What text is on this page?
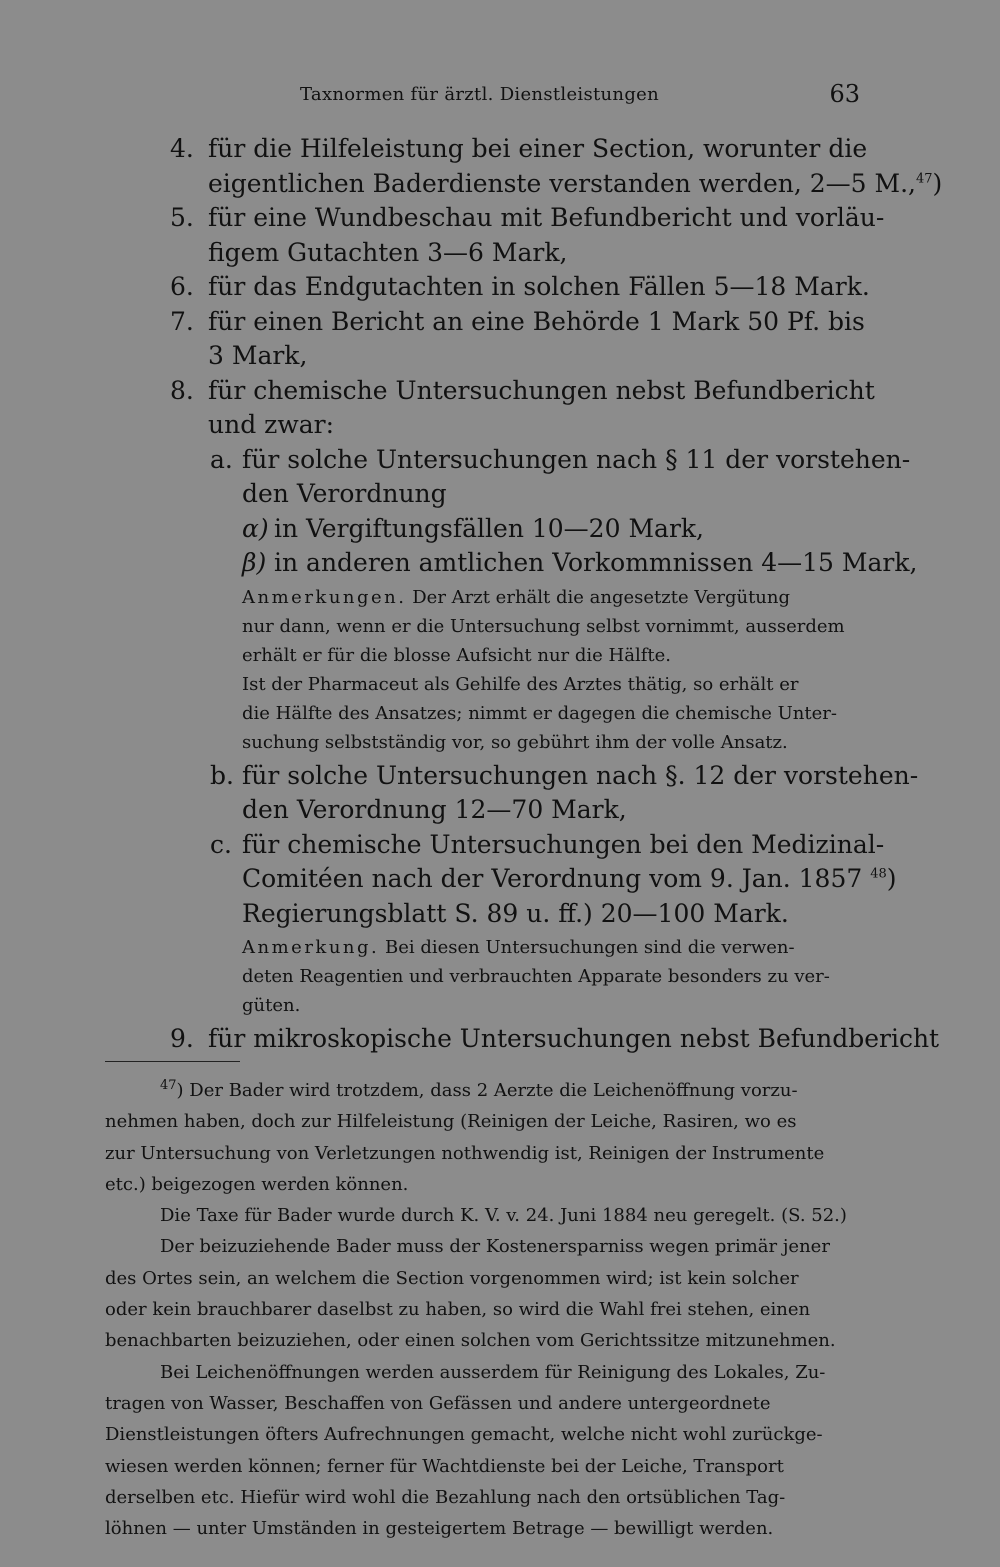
Taxnormen für ärztl. Dienstleistungen	63
4. für die Hilfeleistung bei einer Section, worunter die
eigentlichen Baderdienste verstanden werden, 2—5 M.,$^{47}$)
5. für eine Wundbeschau mit Befundbericht und vorläu-
figem Gutachten 3—6 Mark,
6. für das Endgutachten in solchen Fällen 5—18 Mark.
7. für einen Bericht an eine Behörde 1 Mark 50 Pf. bis
3 Mark,
8. für chemische Untersuchungen nebst Befundbericht
und zwar:
a. für solche Untersuchungen nach § 11 der vorstehen-
den Verordnung
α) in Vergiftungsfällen 10—20 Mark,
β) in anderen amtlichen Vorkommnissen 4—15 Mark,
Anmerkungen. Der Arzt erhält die angesetzte Vergütung
nur dann, wenn er die Untersuchung selbst vornimmt, ausserdem
erhält er für die blosse Aufsicht nur die Hälfte.
Ist der Pharmaceut als Gehilfe des Arztes thätig, so erhält er
die Hälfte des Ansatzes; nimmt er dagegen die chemische Unter-
suchung selbstständig vor, so gebührt ihm der volle Ansatz.
b. für solche Untersuchungen nach §. 12 der vorstehen-
den Verordnung 12—70 Mark,
c. für chemische Untersuchungen bei den Medizinal-
Comitéen nach der Verordnung vom 9. Jan. 1857 $^{48}$)
Regierungsblatt S. 89 u. ff.) 20—100 Mark.
Anmerkung. Bei diesen Untersuchungen sind die verwen-
deten Reagentien und verbrauchten Apparate besonders zu ver-
güten.
9. für mikroskopische Untersuchungen nebst Befundbericht
$^{47}$) Der Bader wird trotzdem, dass 2 Aerzte die Leichenöffnung vorzu-
nehmen haben, doch zur Hilfeleistung (Reinigen der Leiche, Rasiren, wo es
zur Untersuchung von Verletzungen nothwendig ist, Reinigen der Instrumente
etc.) beigezogen werden können.
Die Taxe für Bader wurde durch K. V. v. 24. Juni 1884 neu geregelt. (S. 52.)
Der beizuziehende Bader muss der Kostenersparniss wegen primär jener
des Ortes sein, an welchem die Section vorgenommen wird; ist kein solcher
oder kein brauchbarer daselbst zu haben, so wird die Wahl frei stehen, einen
benachbarten beizuziehen, oder einen solchen vom Gerichtssitze mitzunehmen.
Bei Leichenöffnungen werden ausserdem für Reinigung des Lokales, Zu-
tragen von Wasser, Beschaffen von Gefässen und andere untergeordnete
Dienstleistungen öfters Aufrechnungen gemacht, welche nicht wohl zurückge-
wiesen werden können; ferner für Wachtdienste bei der Leiche, Transport
derselben etc. Hiefür wird wohl die Bezahlung nach den ortsüblichen Tag-
löhnen — unter Umständen in gesteigertem Betrage — bewilligt werden.
